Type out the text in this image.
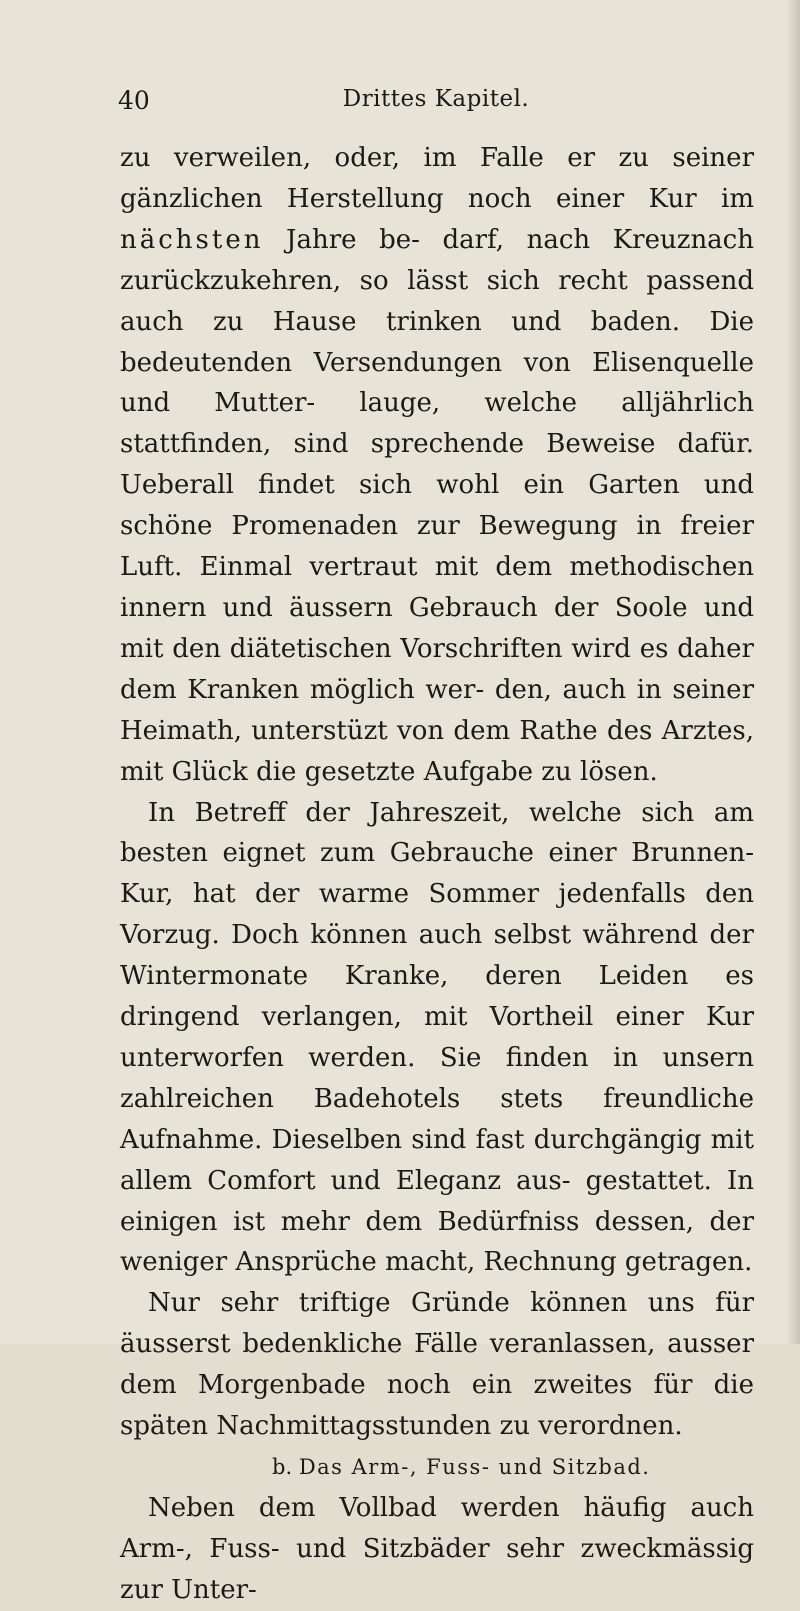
40	Drittes Kapitel.

zu verweilen, oder, im Falle er zu seiner gänzlichen Herstellung noch einer Kur im nächsten Jahre be- darf, nach Kreuznach zurückzukehren, so lässt sich recht passend auch zu Hause trinken und baden. Die bedeutenden Versendungen von Elisenquelle und Mutter- lauge, welche alljährlich stattfinden, sind sprechende Beweise dafür. Ueberall findet sich wohl ein Garten und schöne Promenaden zur Bewegung in freier Luft. Einmal vertraut mit dem methodischen innern und äussern Gebrauch der Soole und mit den diätetischen Vorschriften wird es daher dem Kranken möglich wer- den, auch in seiner Heimath, unterstüzt von dem Rathe des Arztes, mit Glück die gesetzte Aufgabe zu lösen.

In Betreff der Jahreszeit, welche sich am besten eignet zum Gebrauche einer Brunnen-Kur, hat der warme Sommer jedenfalls den Vorzug. Doch können auch selbst während der Wintermonate Kranke, deren Leiden es dringend verlangen, mit Vortheil einer Kur unterworfen werden. Sie finden in unsern zahlreichen Badehotels stets freundliche Aufnahme. Dieselben sind fast durchgängig mit allem Comfort und Eleganz aus- gestattet. In einigen ist mehr dem Bedürfniss dessen, der weniger Ansprüche macht, Rechnung getragen.

Nur sehr triftige Gründe können uns für äusserst bedenkliche Fälle veranlassen, ausser dem Morgenbade noch ein zweites für die späten Nachmittagsstunden zu verordnen.

b. Das Arm-, Fuss- und Sitzbad.

Neben dem Vollbad werden häufig auch Arm-, Fuss- und Sitzbäder sehr zweckmässig zur Unter-
